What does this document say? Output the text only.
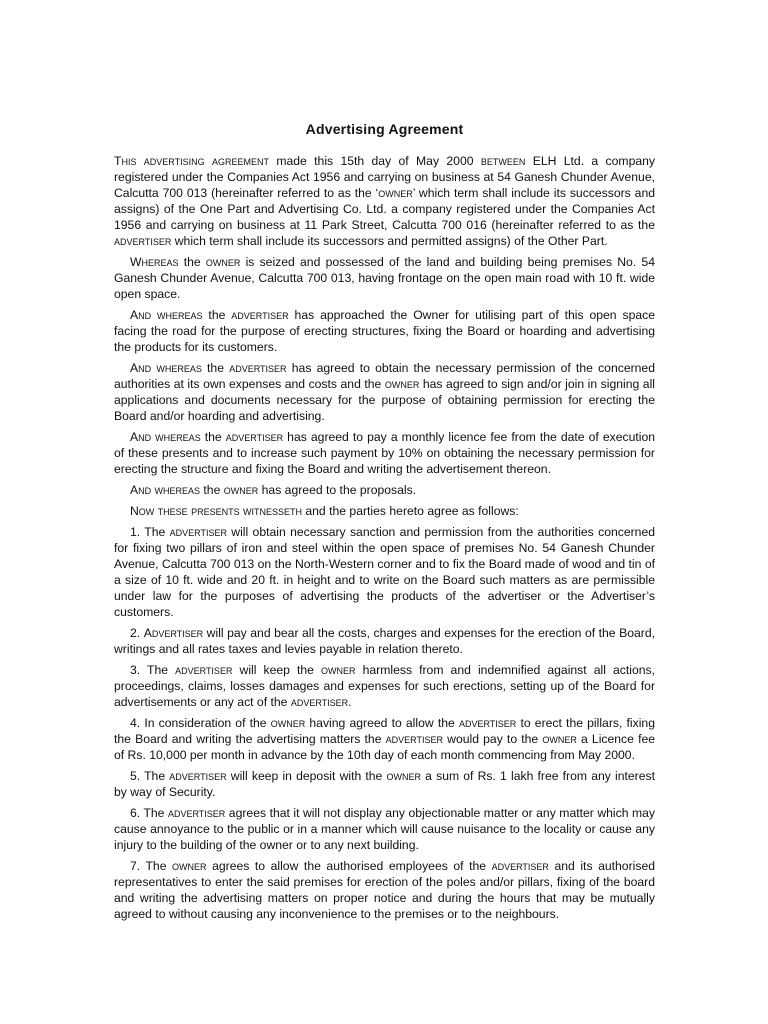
Advertising Agreement

This advertising agreement made this 15th day of May 2000 between ELH Ltd. a company registered under the Companies Act 1956 and carrying on business at 54 Ganesh Chunder Avenue, Calcutta 700 013 (hereinafter referred to as the ‘owner’ which term shall include its successors and assigns) of the One Part and Advertising Co. Ltd. a company registered under the Companies Act 1956 and carrying on business at 11 Park Street, Calcutta 700 016 (hereinafter referred to as the advertiser which term shall include its successors and permitted assigns) of the Other Part.

Whereas the owner is seized and possessed of the land and building being premises No. 54 Ganesh Chunder Avenue, Calcutta 700 013, having frontage on the open main road with 10 ft. wide open space.

And whereas the advertiser has approached the Owner for utilising part of this open space facing the road for the purpose of erecting structures, fixing the Board or hoarding and advertising the products for its customers.

And whereas the advertiser has agreed to obtain the necessary permission of the concerned authorities at its own expenses and costs and the owner has agreed to sign and/or join in signing all applications and documents necessary for the purpose of obtaining permission for erecting the Board and/or hoarding and advertising.

And whereas the advertiser has agreed to pay a monthly licence fee from the date of execution of these presents and to increase such payment by 10% on obtaining the necessary permission for erecting the structure and fixing the Board and writing the advertisement thereon.

And whereas the owner has agreed to the proposals.

Now these presents witnesseth and the parties hereto agree as follows:

1. The advertiser will obtain necessary sanction and permission from the authorities concerned for fixing two pillars of iron and steel within the open space of premises No. 54 Ganesh Chunder Avenue, Calcutta 700 013 on the North-Western corner and to fix the Board made of wood and tin of a size of 10 ft. wide and 20 ft. in height and to write on the Board such matters as are permissible under law for the purposes of advertising the products of the advertiser or the Advertiser’s customers.

2. Advertiser will pay and bear all the costs, charges and expenses for the erection of the Board, writings and all rates taxes and levies payable in relation thereto.

3. The advertiser will keep the owner harmless from and indemnified against all actions, proceedings, claims, losses damages and expenses for such erections, setting up of the Board for advertisements or any act of the advertiser.

4. In consideration of the owner having agreed to allow the advertiser to erect the pillars, fixing the Board and writing the advertising matters the advertiser would pay to the owner a Licence fee of Rs. 10,000 per month in advance by the 10th day of each month commencing from May 2000.

5. The advertiser will keep in deposit with the owner a sum of Rs. 1 lakh free from any interest by way of Security.

6. The advertiser agrees that it will not display any objectionable matter or any matter which may cause annoyance to the public or in a manner which will cause nuisance to the locality or cause any injury to the building of the owner or to any next building.

7. The owner agrees to allow the authorised employees of the advertiser and its authorised representatives to enter the said premises for erection of the poles and/or pillars, fixing of the board and writing the advertising matters on proper notice and during the hours that may be mutually agreed to without causing any inconvenience to the premises or to the neighbours.
